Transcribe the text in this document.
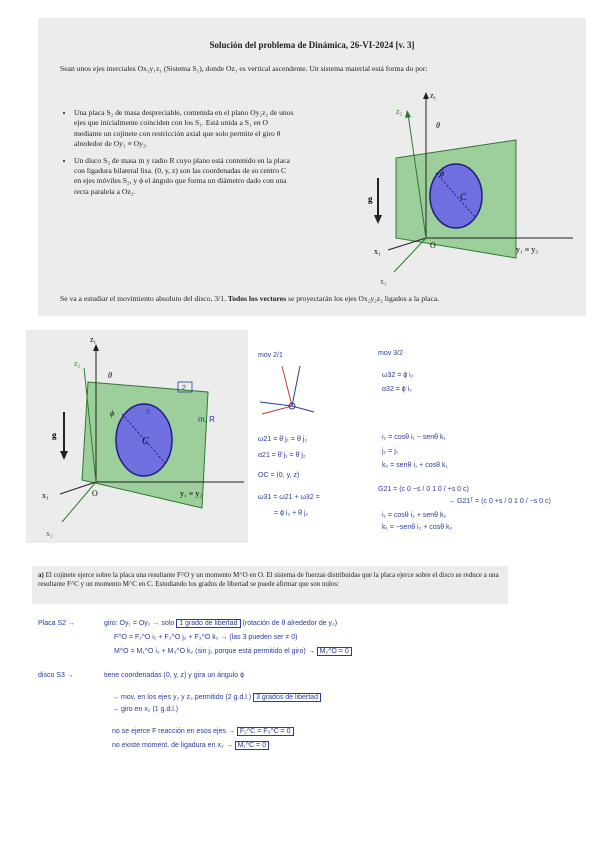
Solución del problema de Dinámica, 26-VI-2024 [v. 3]
Sean unos ejes inerciales Ox₁y₁z₁ (Sistema S₁), donde Oz₁ es vertical ascendente. Un sistema material está forma do por:
• Una placa S₂ de masa despreciable, contenida en el plano Oy₂z₂ de unos ejes que inicialmente coinciden con los S₁. Está unida a S₁ en O mediante un cojinete con restricción axial que solo permite el giro θ alrededor de Oy₁ ≡ Oy₂.
• Un disco S₃ de masa m y radio R cuyo plano está contenido en la placa con ligadura bilateral lisa. (0, y, z) son las coordenadas de su centro C en ejes móviles S₂, y ϕ el ángulo que forma un diámetro dado con una recta paralela a Oz₂.
z₁
z₂
θ
ϕ
C
O
g
x₁
x₂
y₁ ≡ y₂
Se va a estudiar el movimiento absoluto del disco, 3/1. Todos los vectores se proyectarán los ejes Ox₂y₂z₂ ligados a la placa.
z₁
z₂
θ
ϕ
C
O
g
x₁
x₂
y₁ ≡ y₂
2
3
m, R
mov 2/1
ω21 = θ̇ j₁ = θ̇ j₂
α21 = θ̈ j₁ = θ̈ j₂
OC = (0, y, z)
ω31 = ω21 + ω32 =
= ϕ̇ i₂ + θ̇ j₂
mov 3/2
ω32 = ϕ̇ i₂
α32 = ϕ̈ i₂
i₂ = cosθ i₁ − senθ k₁
j₂ = j₁
k₂ = senθ i₁ + cosθ k₁
G21 = (c 0 −s / 0 1 0 / +s 0 c)
→ G21ᵀ = (c 0 +s / 0 1 0 / −s 0 c)
i₁ = cosθ i₂ + senθ k₂
k₁ = −senθ i₂ + cosθ k₂
a) El cojinete ejerce sobre la placa una resultante F^O y un momento M^O en O. El sistema de fuerzas distribuidas que la placa ejerce sobre el disco se reduce a una resultante F^C y un momento M^C en C. Estudiando los grados de libertad se puede afirmar que son nulos:
Placa S2 →	giro: Oy₁ = Oy₂ → solo 1 grado de libertad (rotación de θ alrededor de y₂)
F^O = F₁^O i₂ + F₂^O j₂ + F₃^O k₂ → (las 3 pueden ser ≠ 0)
M^O = M₁^O i₂ + M₃^O k₂ (sin j₂ porque está permitido el giro) → M₂^O = 0
disco S3 →	tiene coordenadas (0, y, z) y gira un ángulo ϕ
→ mov. en los ejes y₂ y z₂ permitido (2 g.d.l.) 3 grados de libertad
→ giro en x₂ (1 g.d.l.)
no se ejerce F reacción en esos ejes → F₂^C = F₃^C = 0
no existe moment. de ligadura en x₂ → M₁^C = 0
